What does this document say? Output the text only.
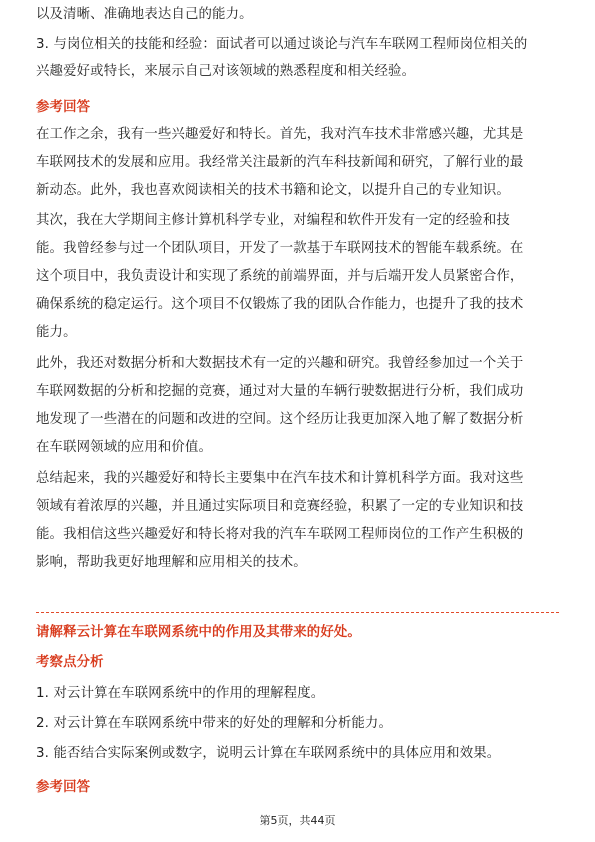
以及清晰、准确地表达自己的能力。
3. 与岗位相关的技能和经验：面试者可以通过谈论与汽车车联网工程师岗位相关的
兴趣爱好或特长，来展示自己对该领域的熟悉程度和相关经验。
参考回答
在工作之余，我有一些兴趣爱好和特长。首先，我对汽车技术非常感兴趣，尤其是
车联网技术的发展和应用。我经常关注最新的汽车科技新闻和研究，了解行业的最
新动态。此外，我也喜欢阅读相关的技术书籍和论文，以提升自己的专业知识。
其次，我在大学期间主修计算机科学专业，对编程和软件开发有一定的经验和技
能。我曾经参与过一个团队项目，开发了一款基于车联网技术的智能车载系统。在
这个项目中，我负责设计和实现了系统的前端界面，并与后端开发人员紧密合作，
确保系统的稳定运行。这个项目不仅锻炼了我的团队合作能力，也提升了我的技术
能力。
此外，我还对数据分析和大数据技术有一定的兴趣和研究。我曾经参加过一个关于
车联网数据的分析和挖掘的竞赛，通过对大量的车辆行驶数据进行分析，我们成功
地发现了一些潜在的问题和改进的空间。这个经历让我更加深入地了解了数据分析
在车联网领域的应用和价值。
总结起来，我的兴趣爱好和特长主要集中在汽车技术和计算机科学方面。我对这些
领域有着浓厚的兴趣，并且通过实际项目和竞赛经验，积累了一定的专业知识和技
能。我相信这些兴趣爱好和特长将对我的汽车车联网工程师岗位的工作产生积极的
影响，帮助我更好地理解和应用相关的技术。
请解释云计算在车联网系统中的作用及其带来的好处。
考察点分析
1. 对云计算在车联网系统中的作用的理解程度。
2. 对云计算在车联网系统中带来的好处的理解和分析能力。
3. 能否结合实际案例或数字，说明云计算在车联网系统中的具体应用和效果。
参考回答
第5页，共44页
